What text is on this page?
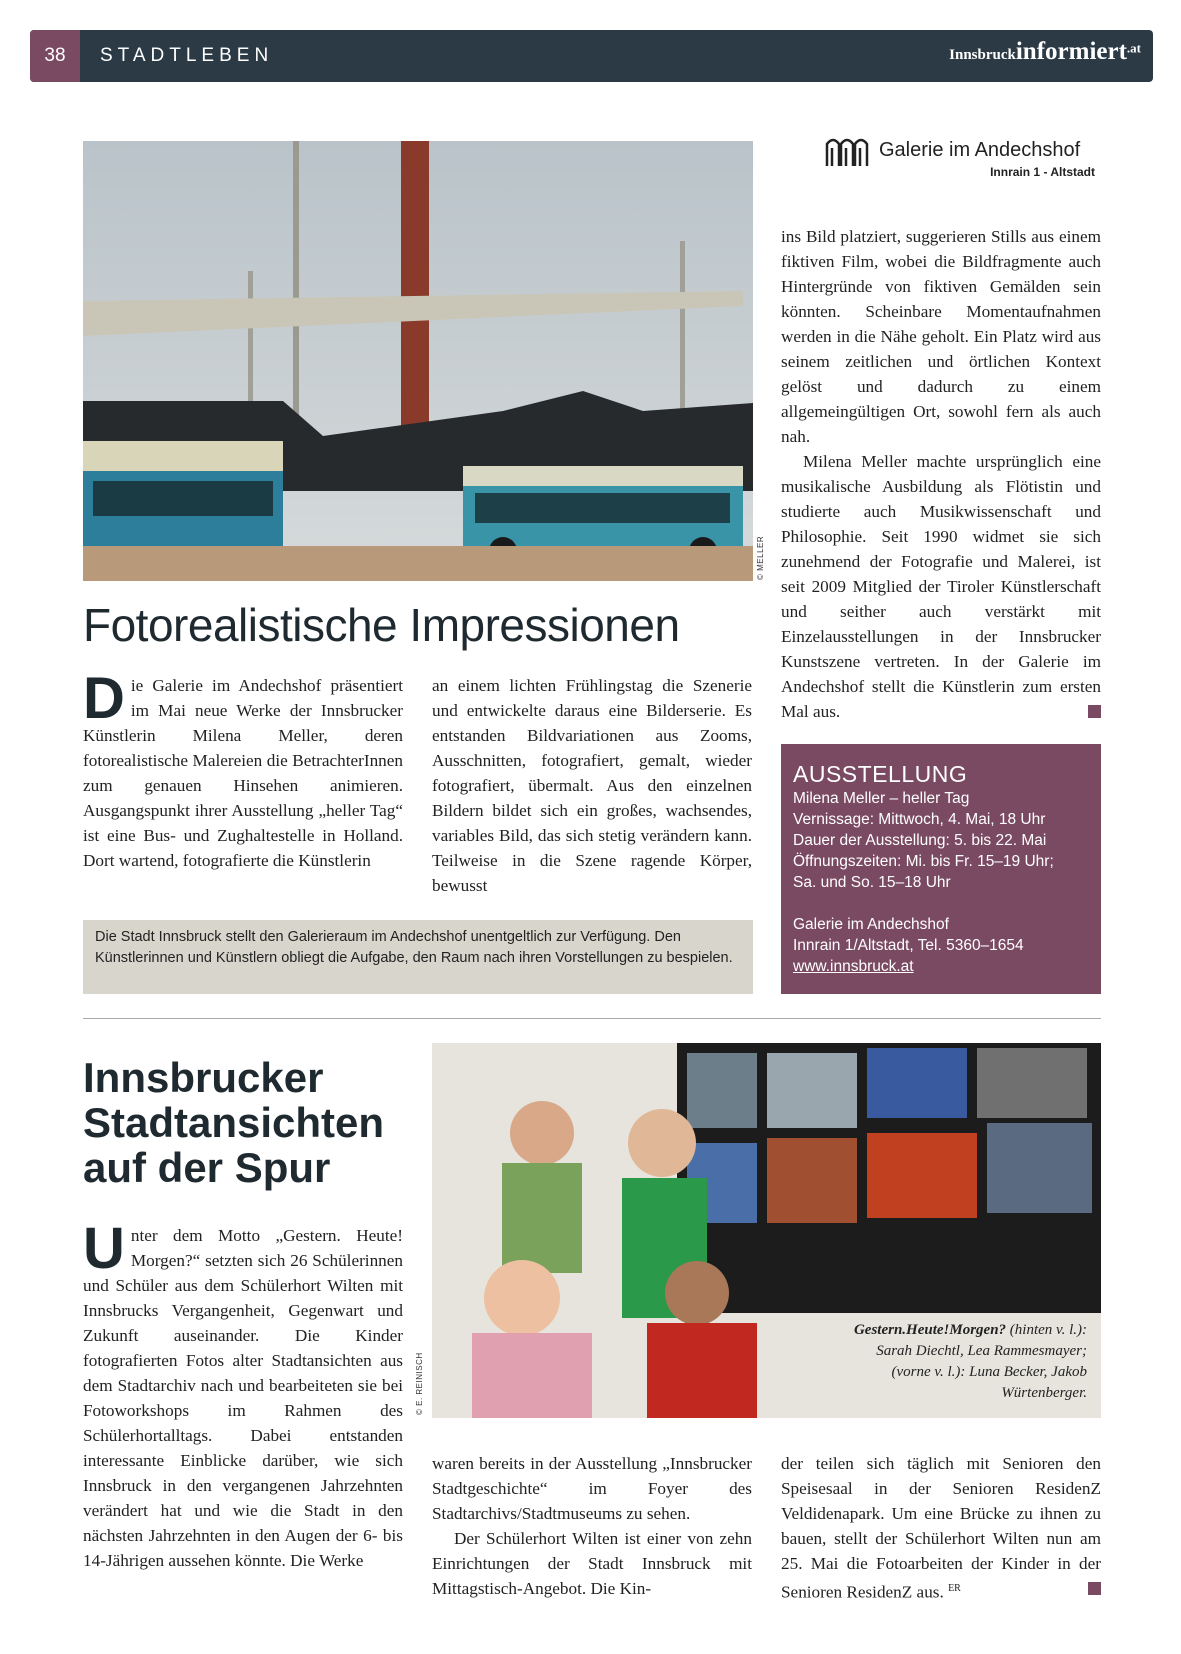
38	STADTLEBEN	Innsbruckinformiert$^{.at}$
© MELLER
Galerie im Andechshof
Innrain 1 - Altstadt
Fotorealistische Impressionen

Die Galerie im Andechshof präsentiert im Mai neue Werke der Innsbrucker Künstlerin Milena Meller, deren fotorealistische Malereien die BetrachterInnen zum genauen Hinsehen animieren. Ausgangspunkt ihrer Ausstellung „heller Tag“ ist eine Bus- und Zughaltestelle in Holland. Dort wartend, fotografierte die Künstlerin

an einem lichten Frühlingstag die Szenerie und entwickelte daraus eine Bilderserie. Es entstanden Bildvariationen aus Zooms, Ausschnitten, fotografiert, gemalt, wieder fotografiert, übermalt. Aus den einzelnen Bildern bildet sich ein großes, wachsendes, variables Bild, das sich stetig verändern kann. Teilweise in die Szene ragende Körper, bewusst

ins Bild platziert, suggerieren Stills aus einem fiktiven Film, wobei die Bildfragmente auch Hintergründe von fiktiven Gemälden sein könnten. Scheinbare Momentaufnahmen werden in die Nähe geholt. Ein Platz wird aus seinem zeitlichen und örtlichen Kontext gelöst und dadurch zu einem allgemeingültigen Ort, sowohl fern als auch nah.

Milena Meller machte ursprünglich eine musikalische Ausbildung als Flötistin und studierte auch Musikwissenschaft und Philosophie. Seit 1990 widmet sie sich zunehmend der Fotografie und Malerei, ist seit 2009 Mitglied der Tiroler Künstlerschaft und seither auch verstärkt mit Einzelausstellungen in der Innsbrucker Kunstszene vertreten. In der Galerie im Andechshof stellt die Künstlerin zum ersten Mal aus.

Die Stadt Innsbruck stellt den Galerieraum im Andechshof unentgeltlich zur Verfügung. Den Künstlerinnen und Künstlern obliegt die Aufgabe, den Raum nach ihren Vorstellungen zu bespielen.
AUSSTELLUNG
Milena Meller – heller Tag
Vernissage: Mittwoch, 4. Mai, 18 Uhr
Dauer der Ausstellung: 5. bis 22. Mai
Öffnungszeiten: Mi. bis Fr. 15–19 Uhr;
Sa. und So. 15–18 Uhr
Galerie im Andechshof
Innrain 1/Altstadt, Tel. 5360–1654
www.innsbruck.at
Innsbrucker Stadtansichten auf der Spur
Gestern.Heute!Morgen? (hinten v. l.): Sarah Diechtl, Lea Rammesmayer; (vorne v. l.): Luna Becker, Jakob Würtenberger.
© E. REINISCH

Unter dem Motto „Gestern. Heute! Morgen?“ setzten sich 26 Schülerinnen und Schüler aus dem Schülerhort Wilten mit Innsbrucks Vergangenheit, Gegenwart und Zukunft auseinander. Die Kinder fotografierten Fotos alter Stadtansichten aus dem Stadtarchiv nach und bearbeiteten sie bei Fotoworkshops im Rahmen des Schülerhortalltags. Dabei entstanden interessante Einblicke darüber, wie sich Innsbruck in den vergangenen Jahrzehnten verändert hat und wie die Stadt in den nächsten Jahrzehnten in den Augen der 6- bis 14-Jährigen aussehen könnte. Die Werke

waren bereits in der Ausstellung „Innsbrucker Stadtgeschichte“ im Foyer des Stadtarchivs/Stadtmuseums zu sehen.

Der Schülerhort Wilten ist einer von zehn Einrichtungen der Stadt Innsbruck mit Mittagstisch-Angebot. Die Kin-

der teilen sich täglich mit Senioren den Speisesaal in der Senioren ResidenZ Veldidenapark. Um eine Brücke zu ihnen zu bauen, stellt der Schülerhort Wilten nun am 25. Mai die Fotoarbeiten der Kinder in der Senioren ResidenZ aus. $^{ER}$
